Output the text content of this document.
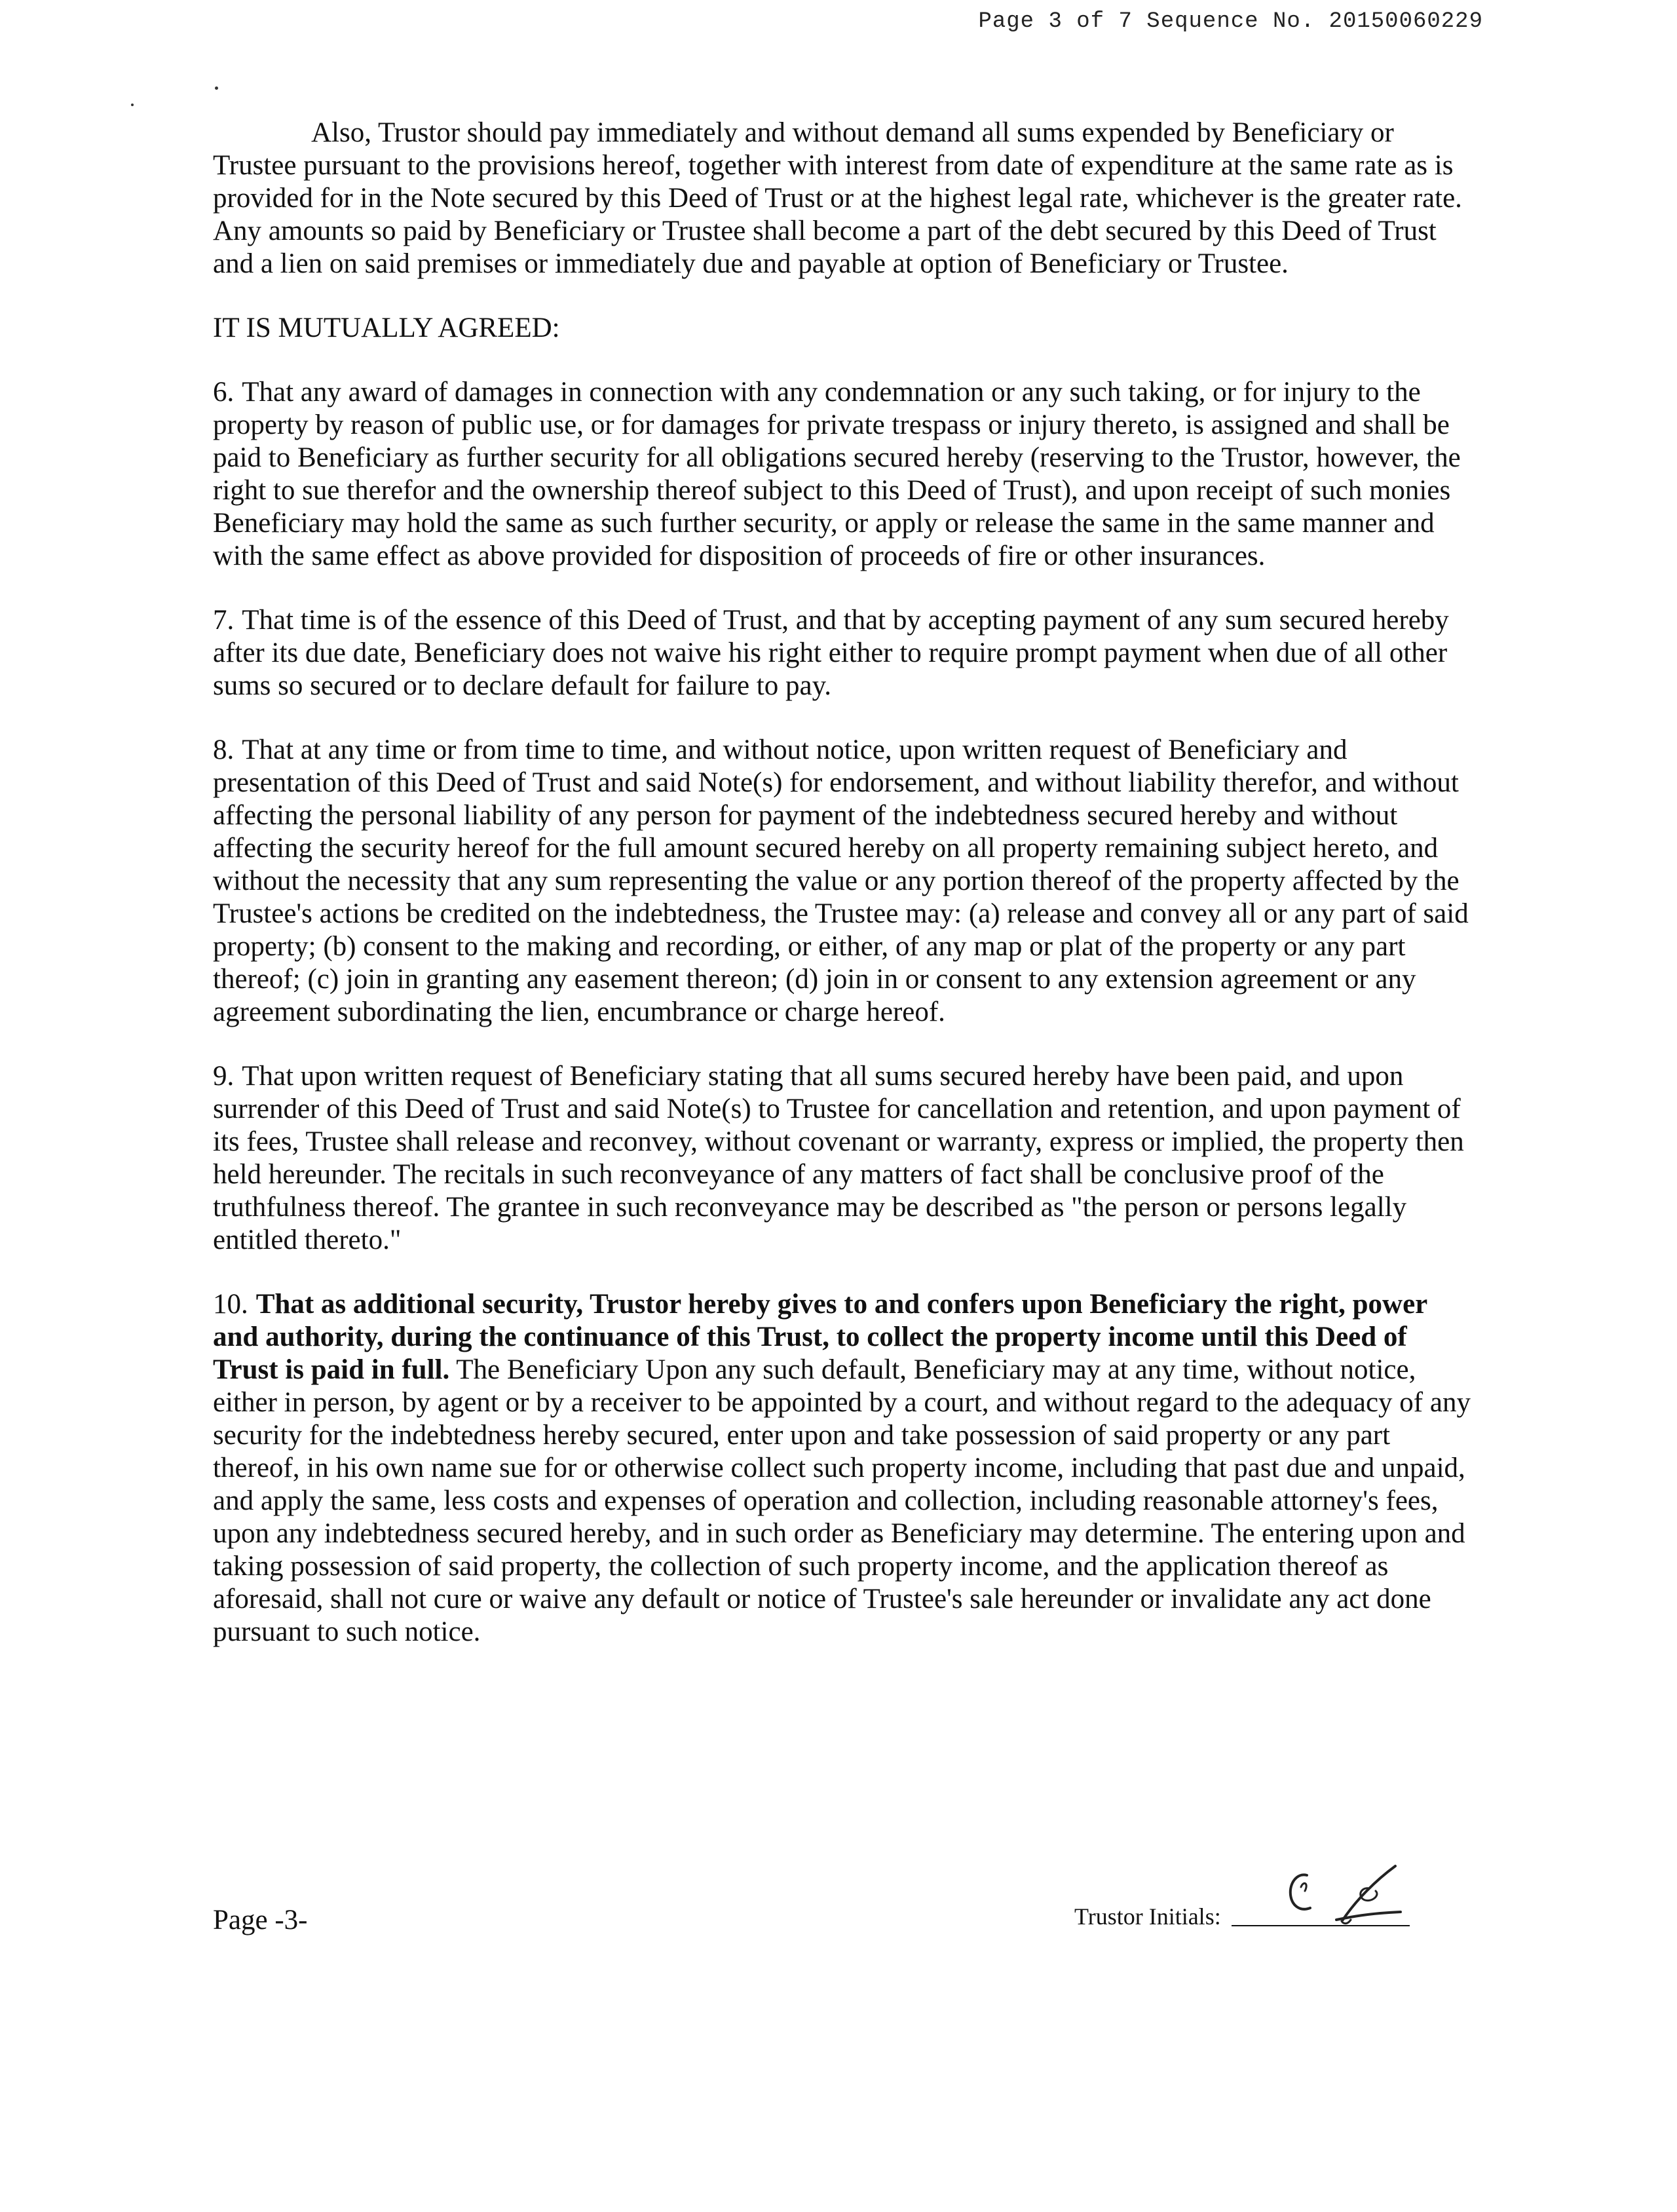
Page 3 of 7 Sequence No. 20150060229

Also, Trustor should pay immediately and without demand all sums expended by Beneficiary or Trustee pursuant to the provisions hereof, together with interest from date of expenditure at the same rate as is provided for in the Note secured by this Deed of Trust or at the highest legal rate, whichever is the greater rate. Any amounts so paid by Beneficiary or Trustee shall become a part of the debt secured by this Deed of Trust and a lien on said premises or immediately due and payable at option of Beneficiary or Trustee.

IT IS MUTUALLY AGREED:

6. That any award of damages in connection with any condemnation or any such taking, or for injury to the property by reason of public use, or for damages for private trespass or injury thereto, is assigned and shall be paid to Beneficiary as further security for all obligations secured hereby (reserving to the Trustor, however, the right to sue therefor and the ownership thereof subject to this Deed of Trust), and upon receipt of such monies Beneficiary may hold the same as such further security, or apply or release the same in the same manner and with the same effect as above provided for disposition of proceeds of fire or other insurances.

7. That time is of the essence of this Deed of Trust, and that by accepting payment of any sum secured hereby after its due date, Beneficiary does not waive his right either to require prompt payment when due of all other sums so secured or to declare default for failure to pay.

8. That at any time or from time to time, and without notice, upon written request of Beneficiary and presentation of this Deed of Trust and said Note(s) for endorsement, and without liability therefor, and without affecting the personal liability of any person for payment of the indebtedness secured hereby and without affecting the security hereof for the full amount secured hereby on all property remaining subject hereto, and without the necessity that any sum representing the value or any portion thereof of the property affected by the Trustee's actions be credited on the indebtedness, the Trustee may: (a) release and convey all or any part of said property; (b) consent to the making and recording, or either, of any map or plat of the property or any part thereof; (c) join in granting any easement thereon; (d) join in or consent to any extension agreement or any agreement subordinating the lien, encumbrance or charge hereof.

9. That upon written request of Beneficiary stating that all sums secured hereby have been paid, and upon surrender of this Deed of Trust and said Note(s) to Trustee for cancellation and retention, and upon payment of its fees, Trustee shall release and reconvey, without covenant or warranty, express or implied, the property then held hereunder. The recitals in such reconveyance of any matters of fact shall be conclusive proof of the truthfulness thereof. The grantee in such reconveyance may be described as "the person or persons legally entitled thereto."

10. That as additional security, Trustor hereby gives to and confers upon Beneficiary the right, power and authority, during the continuance of this Trust, to collect the property income until this Deed of Trust is paid in full. The Beneficiary Upon any such default, Beneficiary may at any time, without notice, either in person, by agent or by a receiver to be appointed by a court, and without regard to the adequacy of any security for the indebtedness hereby secured, enter upon and take possession of said property or any part thereof, in his own name sue for or otherwise collect such property income, including that past due and unpaid, and apply the same, less costs and expenses of operation and collection, including reasonable attorney's fees, upon any indebtedness secured hereby, and in such order as Beneficiary may determine. The entering upon and taking possession of said property, the collection of such property income, and the application thereof as aforesaid, shall not cure or waive any default or notice of Trustee's sale hereunder or invalidate any act done pursuant to such notice.

Page -3-	Trustor Initials:
